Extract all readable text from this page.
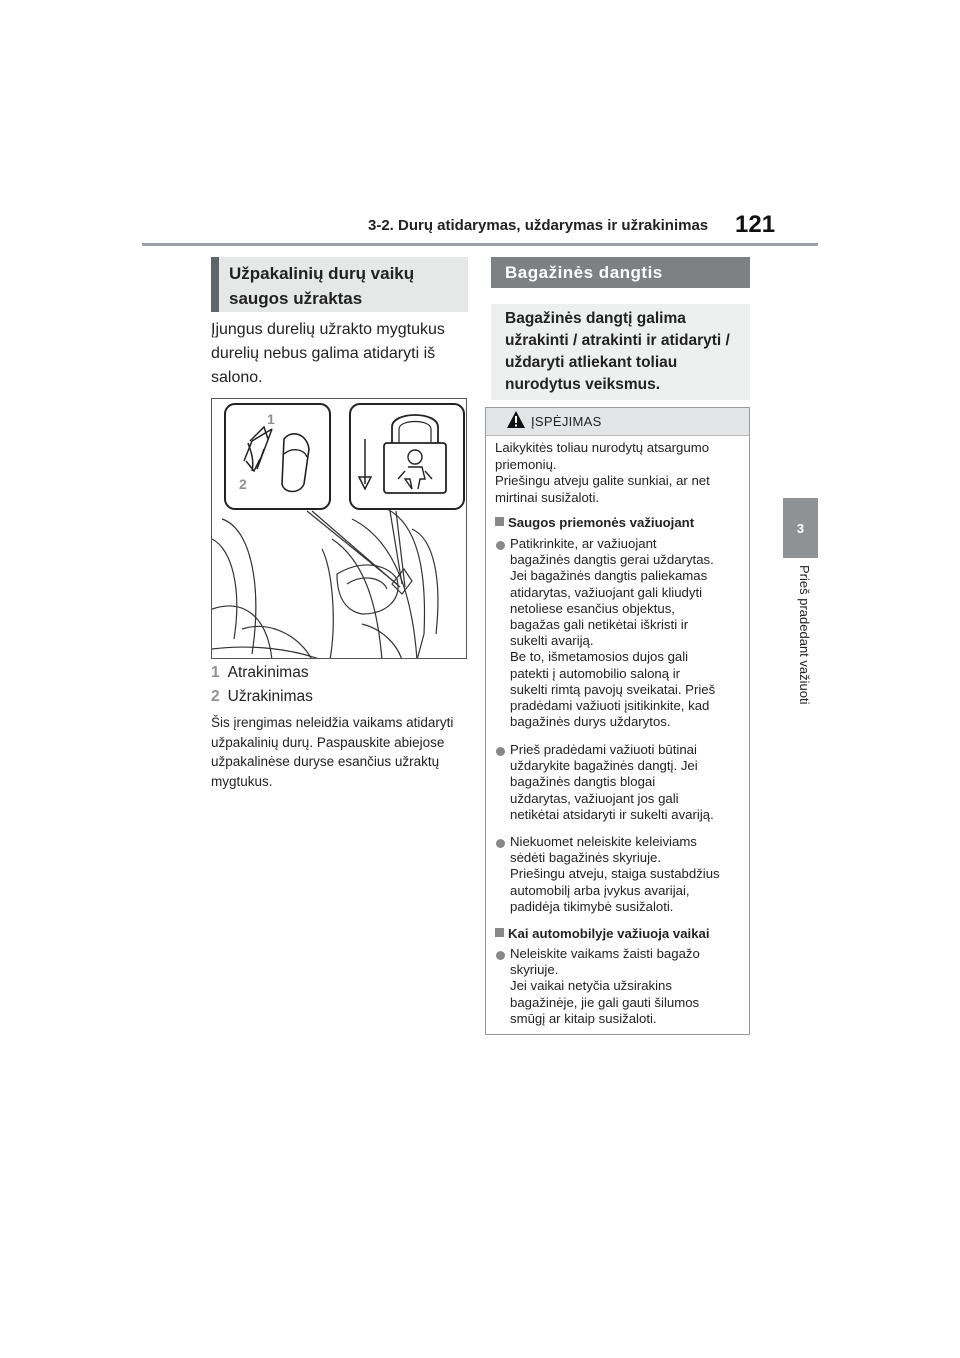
3-2. Durų atidarymas, uždarymas ir užrakinimas 121
3
Prieš pradedant važiuoti
Užpakalinių durų vaikų
saugos užraktas
Įjungus durelių užrakto mygtukus durelių nebus galima atidaryti iš salono.
1
2
1 Atrakinimas
2 Užrakinimas
Šis įrengimas neleidžia vaikams atidaryti užpakalinių durų. Paspauskite abiejose užpakalinėse duryse esančius užraktų mygtukus.
Bagažinės dangtis
Bagažinės dangtį galima užrakinti / atrakinti ir atidaryti / uždaryti atliekant toliau nurodytus veiksmus.
ĮSPĖJIMAS
Laikykitės toliau nurodytų atsargumo
priemonių.
Priešingu atveju galite sunkiai, ar net
mirtinai susižaloti.
Saugos priemonės važiuojant
Patikrinkite, ar važiuojant
bagažinės dangtis gerai uždarytas.
Jei bagažinės dangtis paliekamas
atidarytas, važiuojant gali kliudyti
netoliese esančius objektus,
bagažas gali netikėtai iškristi ir
sukelti avariją.
Be to, išmetamosios dujos gali
patekti į automobilio saloną ir
sukelti rimtą pavojų sveikatai. Prieš
pradėdami važiuoti įsitikinkite, kad
bagažinės durys uždarytos.
Prieš pradėdami važiuoti būtinai
uždarykite bagažinės dangtį. Jei
bagažinės dangtis blogai
uždarytas, važiuojant jos gali
netikėtai atsidaryti ir sukelti avariją.
Niekuomet neleiskite keleiviams
sėdėti bagažinės skyriuje.
Priešingu atveju, staiga sustabdžius
automobilį arba įvykus avarijai,
padidėja tikimybė susižaloti.
Kai automobilyje važiuoja vaikai
Neleiskite vaikams žaisti bagažo
skyriuje.
Jei vaikai netyčia užsirakins
bagažinėje, jie gali gauti šilumos
smūgį ar kitaip susižaloti.
